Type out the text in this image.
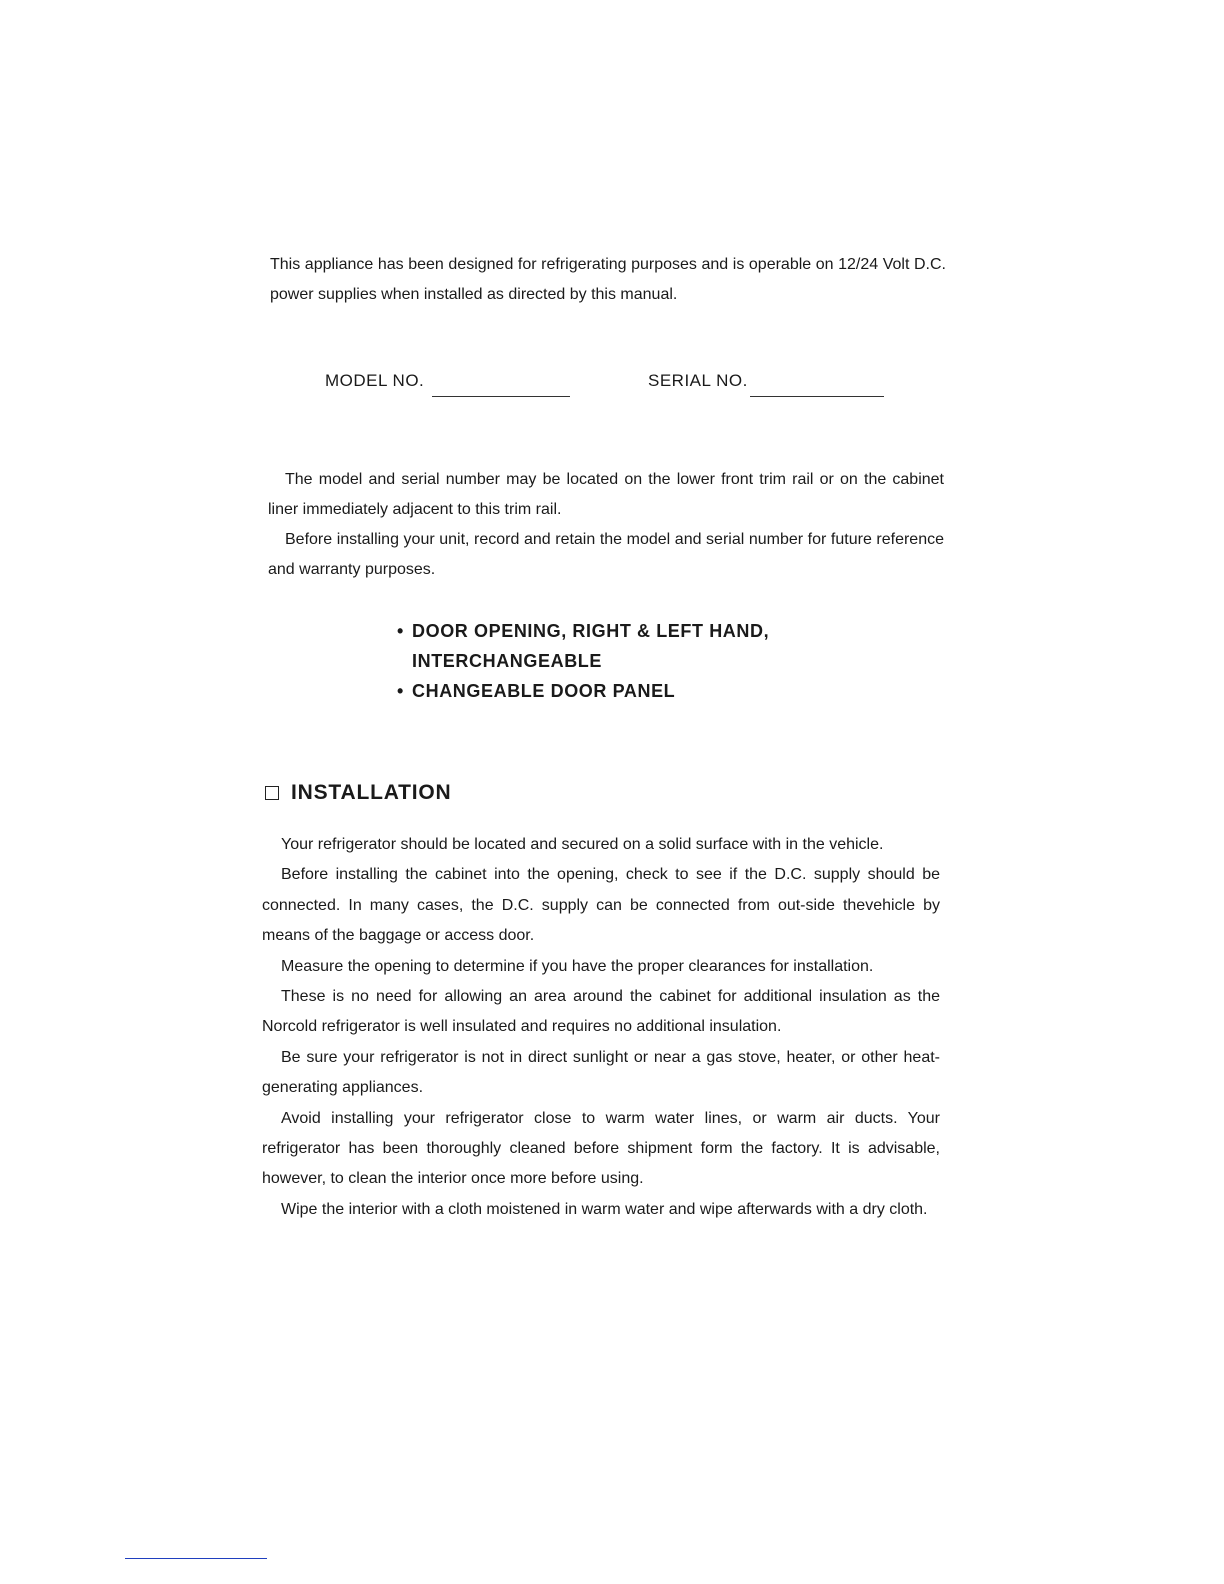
This appliance has been designed for refrigerating purposes and is operable on 12/24 Volt D.C. power supplies when installed as directed by this manual.

MODEL NO.	SERIAL NO.

The model and serial number may be located on the lower front trim rail or on the cabinet liner immediately adjacent to this trim rail.

Before installing your unit, record and retain the model and serial number for future reference and warranty purposes.

• DOOR OPENING, RIGHT & LEFT HAND, INTERCHANGEABLE
• CHANGEABLE DOOR PANEL
INSTALLATION

Your refrigerator should be located and secured on a solid surface with in the vehicle.

Before installing the cabinet into the opening, check to see if the D.C. supply should be connected. In many cases, the D.C. supply can be connected from out-side thevehicle by means of the baggage or access door.

Measure the opening to determine if you have the proper clearances for installation.

These is no need for allowing an area around the cabinet for additional insulation as the Norcold refrigerator is well insulated and requires no additional insulation.

Be sure your refrigerator is not in direct sunlight or near a gas stove, heater, or other heat-generating appliances.

Avoid installing your refrigerator close to warm water lines, or warm air ducts. Your refrigerator has been thoroughly cleaned before shipment form the factory. It is advisable, however, to clean the interior once more before using.

Wipe the interior with a cloth moistened in warm water and wipe afterwards with a dry cloth.
